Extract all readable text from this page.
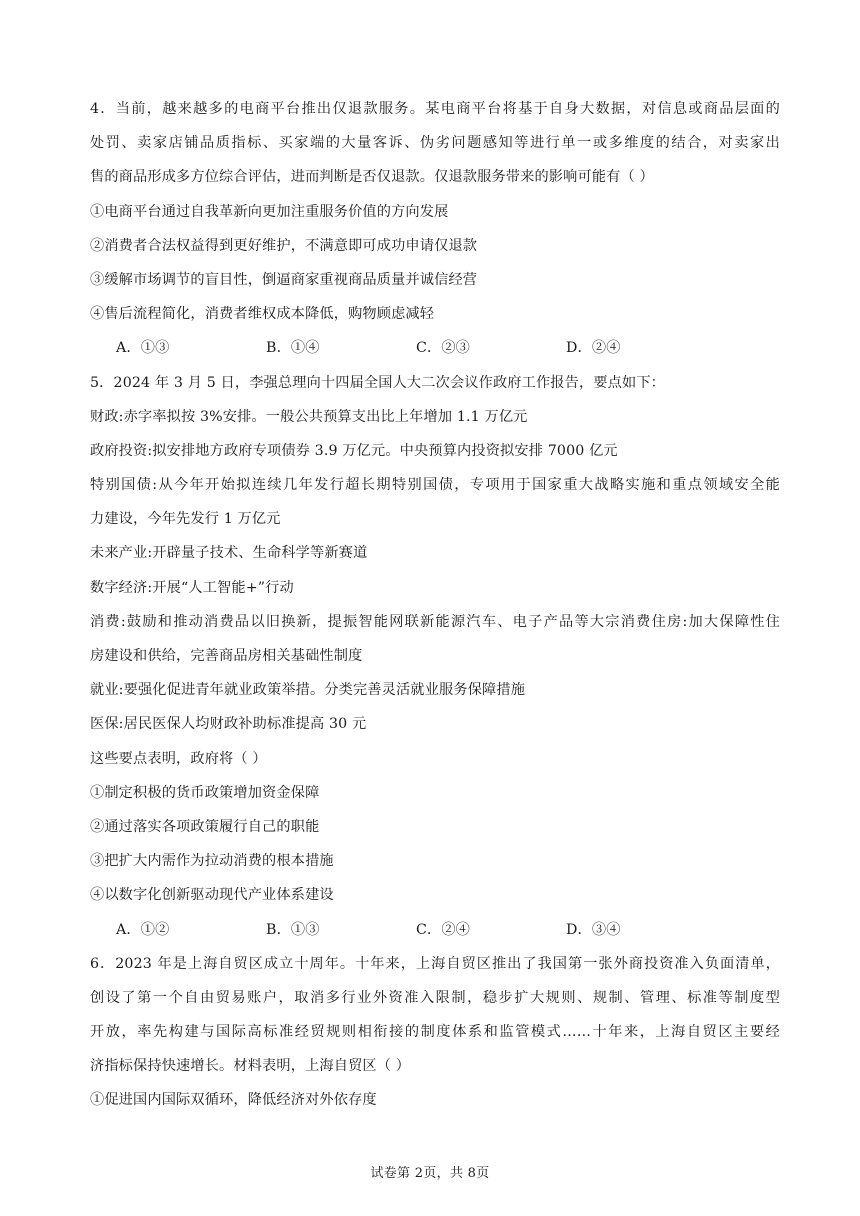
4．当前，越来越多的电商平台推出仅退款服务。某电商平台将基于自身大数据，对信息或商品层面的
处罚、卖家店铺品质指标、买家端的大量客诉、伪劣问题感知等进行单一或多维度的结合，对卖家出
售的商品形成多方位综合评估，进而判断是否仅退款。仅退款服务带来的影响可能有（ ）
①电商平台通过自我革新向更加注重服务价值的方向发展
②消费者合法权益得到更好维护，不满意即可成功申请仅退款
③缓解市场调节的盲目性，倒逼商家重视商品质量并诚信经营
④售后流程简化，消费者维权成本降低，购物顾虑减轻
A．①③	B．①④	C．②③	D．②④
5．2024 年 3 月 5 日，李强总理向十四届全国人大二次会议作政府工作报告，要点如下：
财政:赤字率拟按 3%安排。一般公共预算支出比上年增加 1.1 万亿元
政府投资:拟安排地方政府专项债券 3.9 万亿元。中央预算内投资拟安排 7000 亿元
特别国债:从今年开始拟连续几年发行超长期特别国债，专项用于国家重大战略实施和重点领域安全能
力建设，今年先发行 1 万亿元
未来产业:开辟量子技术、生命科学等新赛道
数字经济:开展“人工智能+”行动
消费:鼓励和推动消费品以旧换新，提振智能网联新能源汽车、电子产品等大宗消费住房:加大保障性住
房建设和供给，完善商品房相关基础性制度
就业:要强化促进青年就业政策举措。分类完善灵活就业服务保障措施
医保:居民医保人均财政补助标准提高 30 元
这些要点表明，政府将（ ）
①制定积极的货币政策增加资金保障
②通过落实各项政策履行自己的职能
③把扩大内需作为拉动消费的根本措施
④以数字化创新驱动现代产业体系建设
A．①②	B．①③	C．②④	D．③④
6．2023 年是上海自贸区成立十周年。十年来，上海自贸区推出了我国第一张外商投资准入负面清单，
创设了第一个自由贸易账户，取消多行业外资准入限制，稳步扩大规则、规制、管理、标准等制度型
开放，率先构建与国际高标准经贸规则相衔接的制度体系和监管模式……十年来，上海自贸区主要经
济指标保持快速增长。材料表明，上海自贸区（ ）
①促进国内国际双循环，降低经济对外依存度
试卷第 2页，共 8页
